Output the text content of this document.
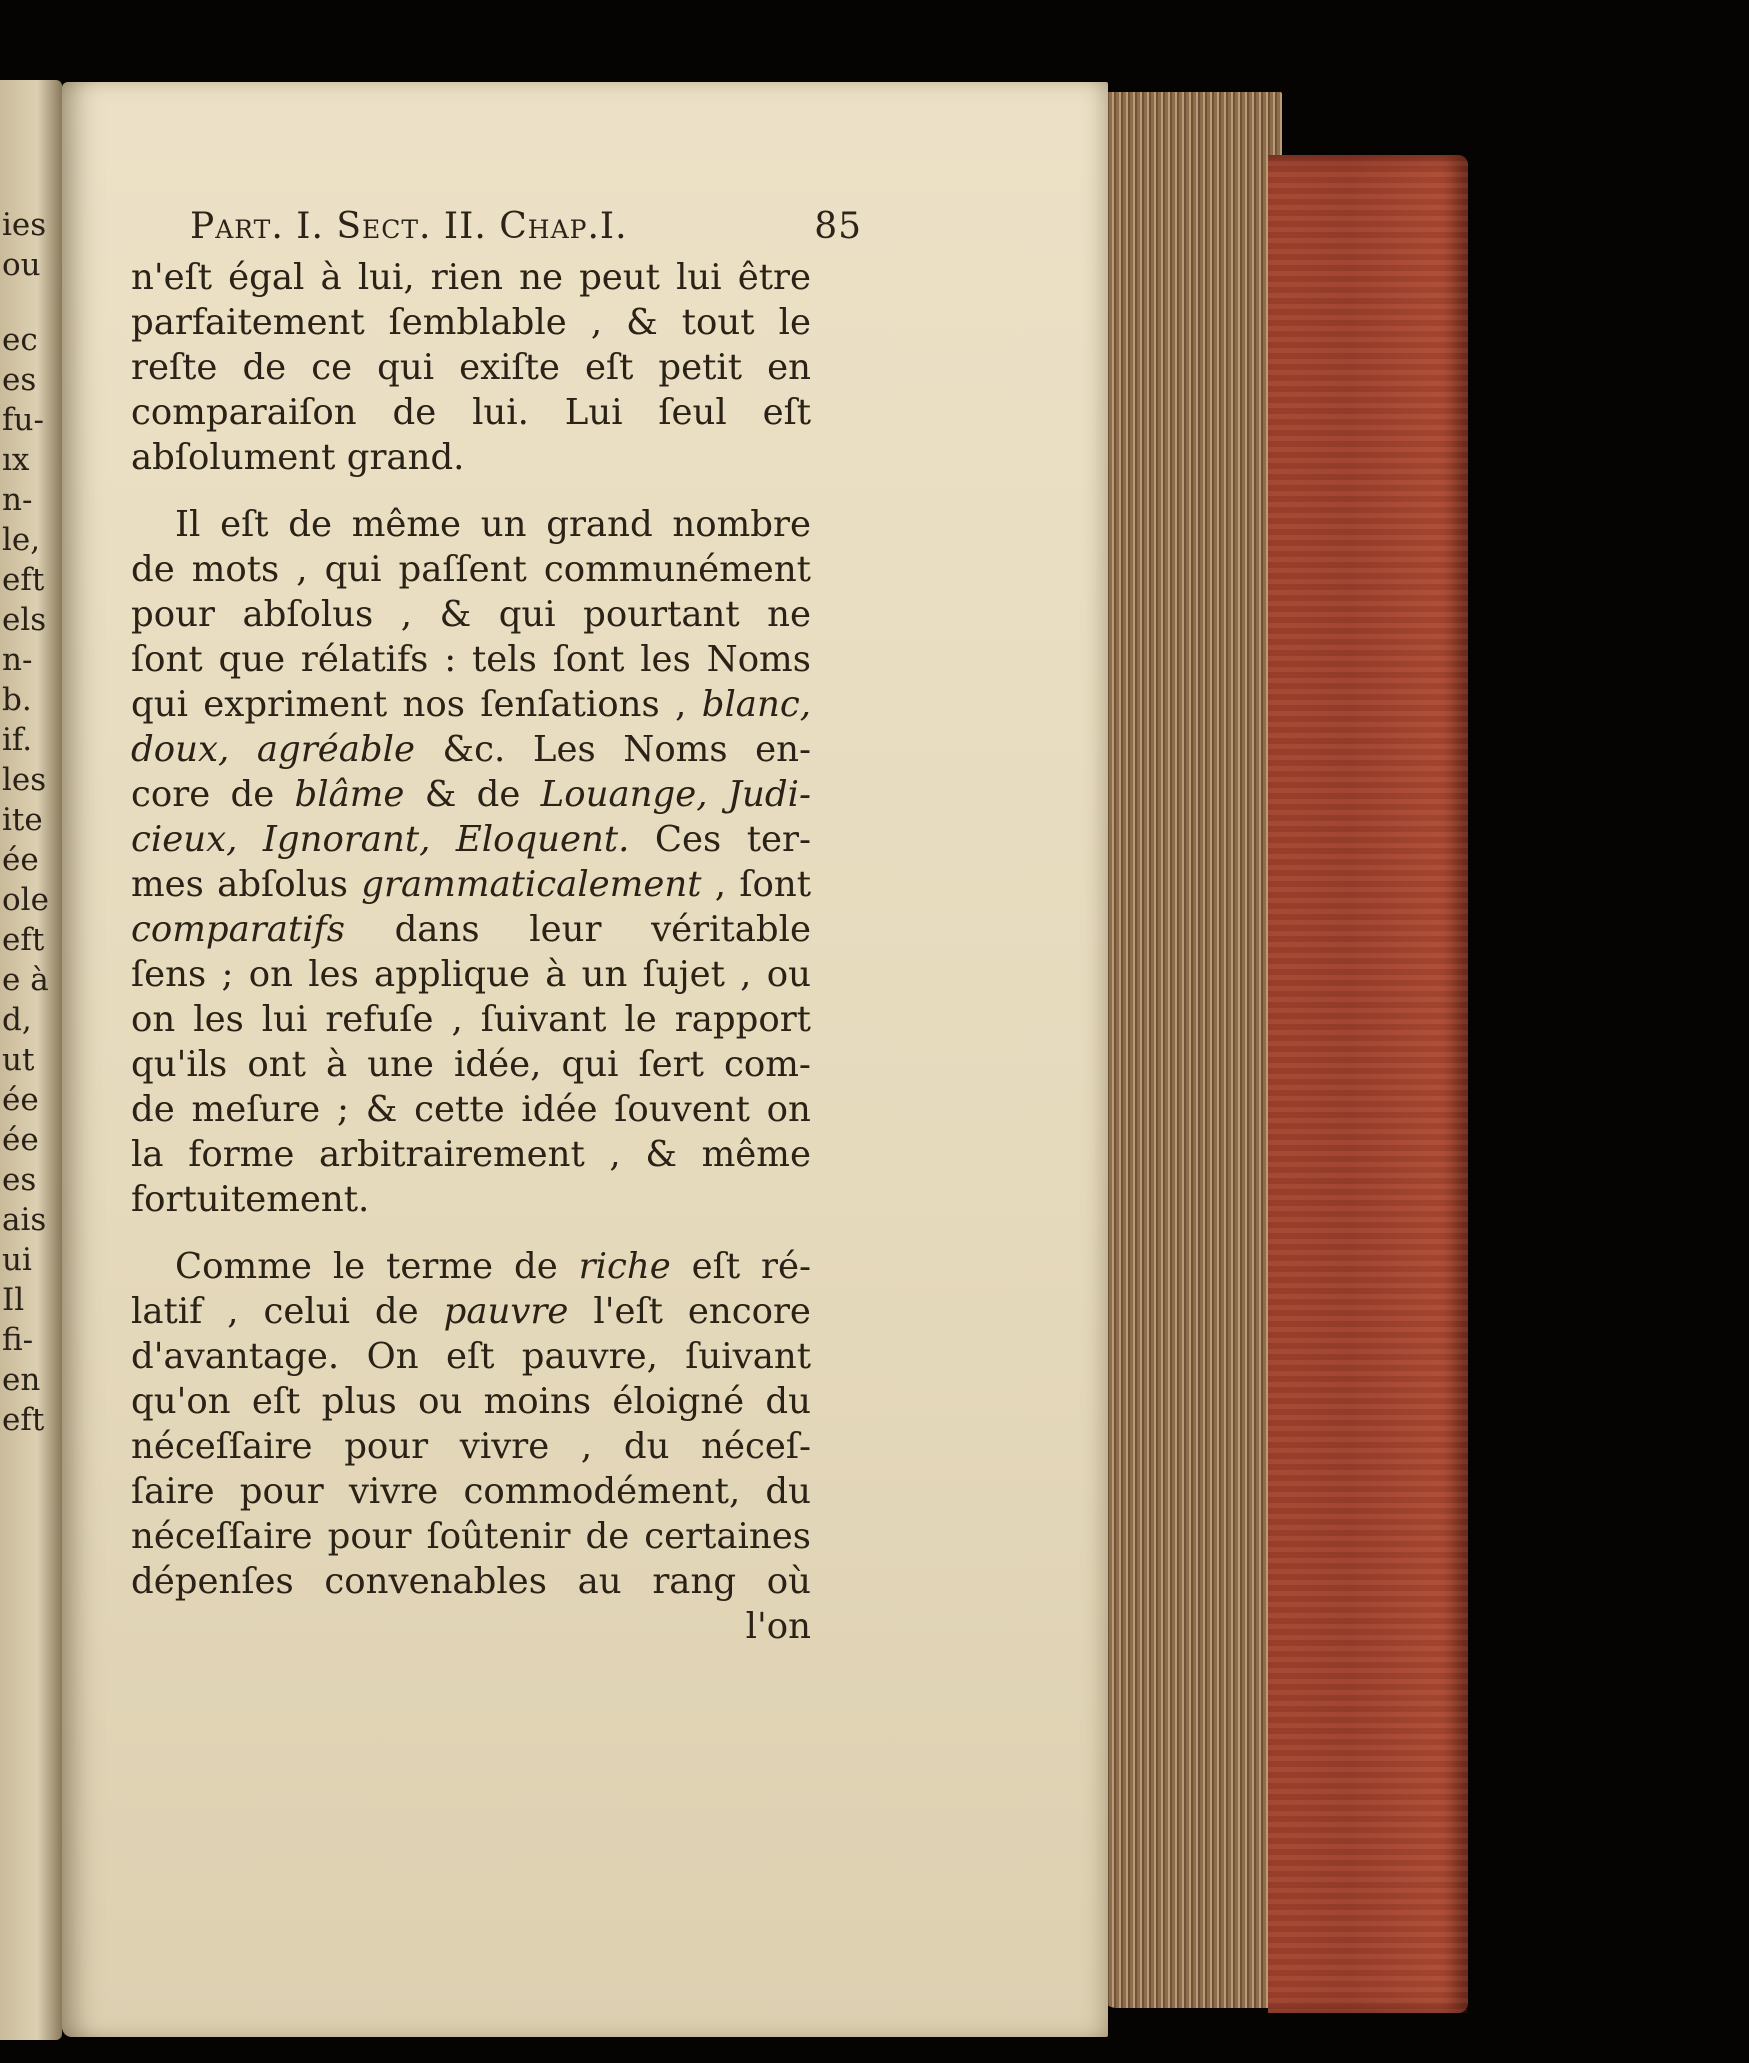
ies
ou
ec
es
fu-
ıx
n-
le,
eft
els
n-
b.
if.
les
ite
ée
ole
eft
e à
d,
ut
ée
ée
es
ais
ui
Il
fi-
en
eft
Part. I. Sect. II. Chap.I.	85
n'eſt égal à lui, rien ne peut lui être
parfaitement ſemblable , & tout le
reſte de ce qui exiſte eſt petit en
comparaiſon de lui. Lui ſeul eſt
abſolument grand.
Il eſt de même un grand nombre
de mots , qui paſſent communément
pour abſolus , & qui pourtant ne
ſont que rélatifs : tels ſont les Noms
qui expriment nos ſenſations , blanc,
doux, agréable &c. Les Noms en-
core de blâme & de Louange, Judi-
cieux, Ignorant, Eloquent. Ces ter-
mes abſolus grammaticalement , ſont
comparatifs dans leur véritable
ſens ; on les applique à un ſujet , ou
on les lui refuſe , ſuivant le rapport
qu'ils ont à une idée, qui ſert com-
de meſure ; & cette idée ſouvent on
la forme arbitrairement , & même
fortuitement.
Comme le terme de riche eſt ré-
latif , celui de pauvre l'eſt encore
d'avantage. On eſt pauvre, ſuivant
qu'on eſt plus ou moins éloigné du
néceſſaire pour vivre , du néceſ-
ſaire pour vivre commodément, du
néceſſaire pour ſoûtenir de certaines
dépenſes convenables au rang où
l'on
